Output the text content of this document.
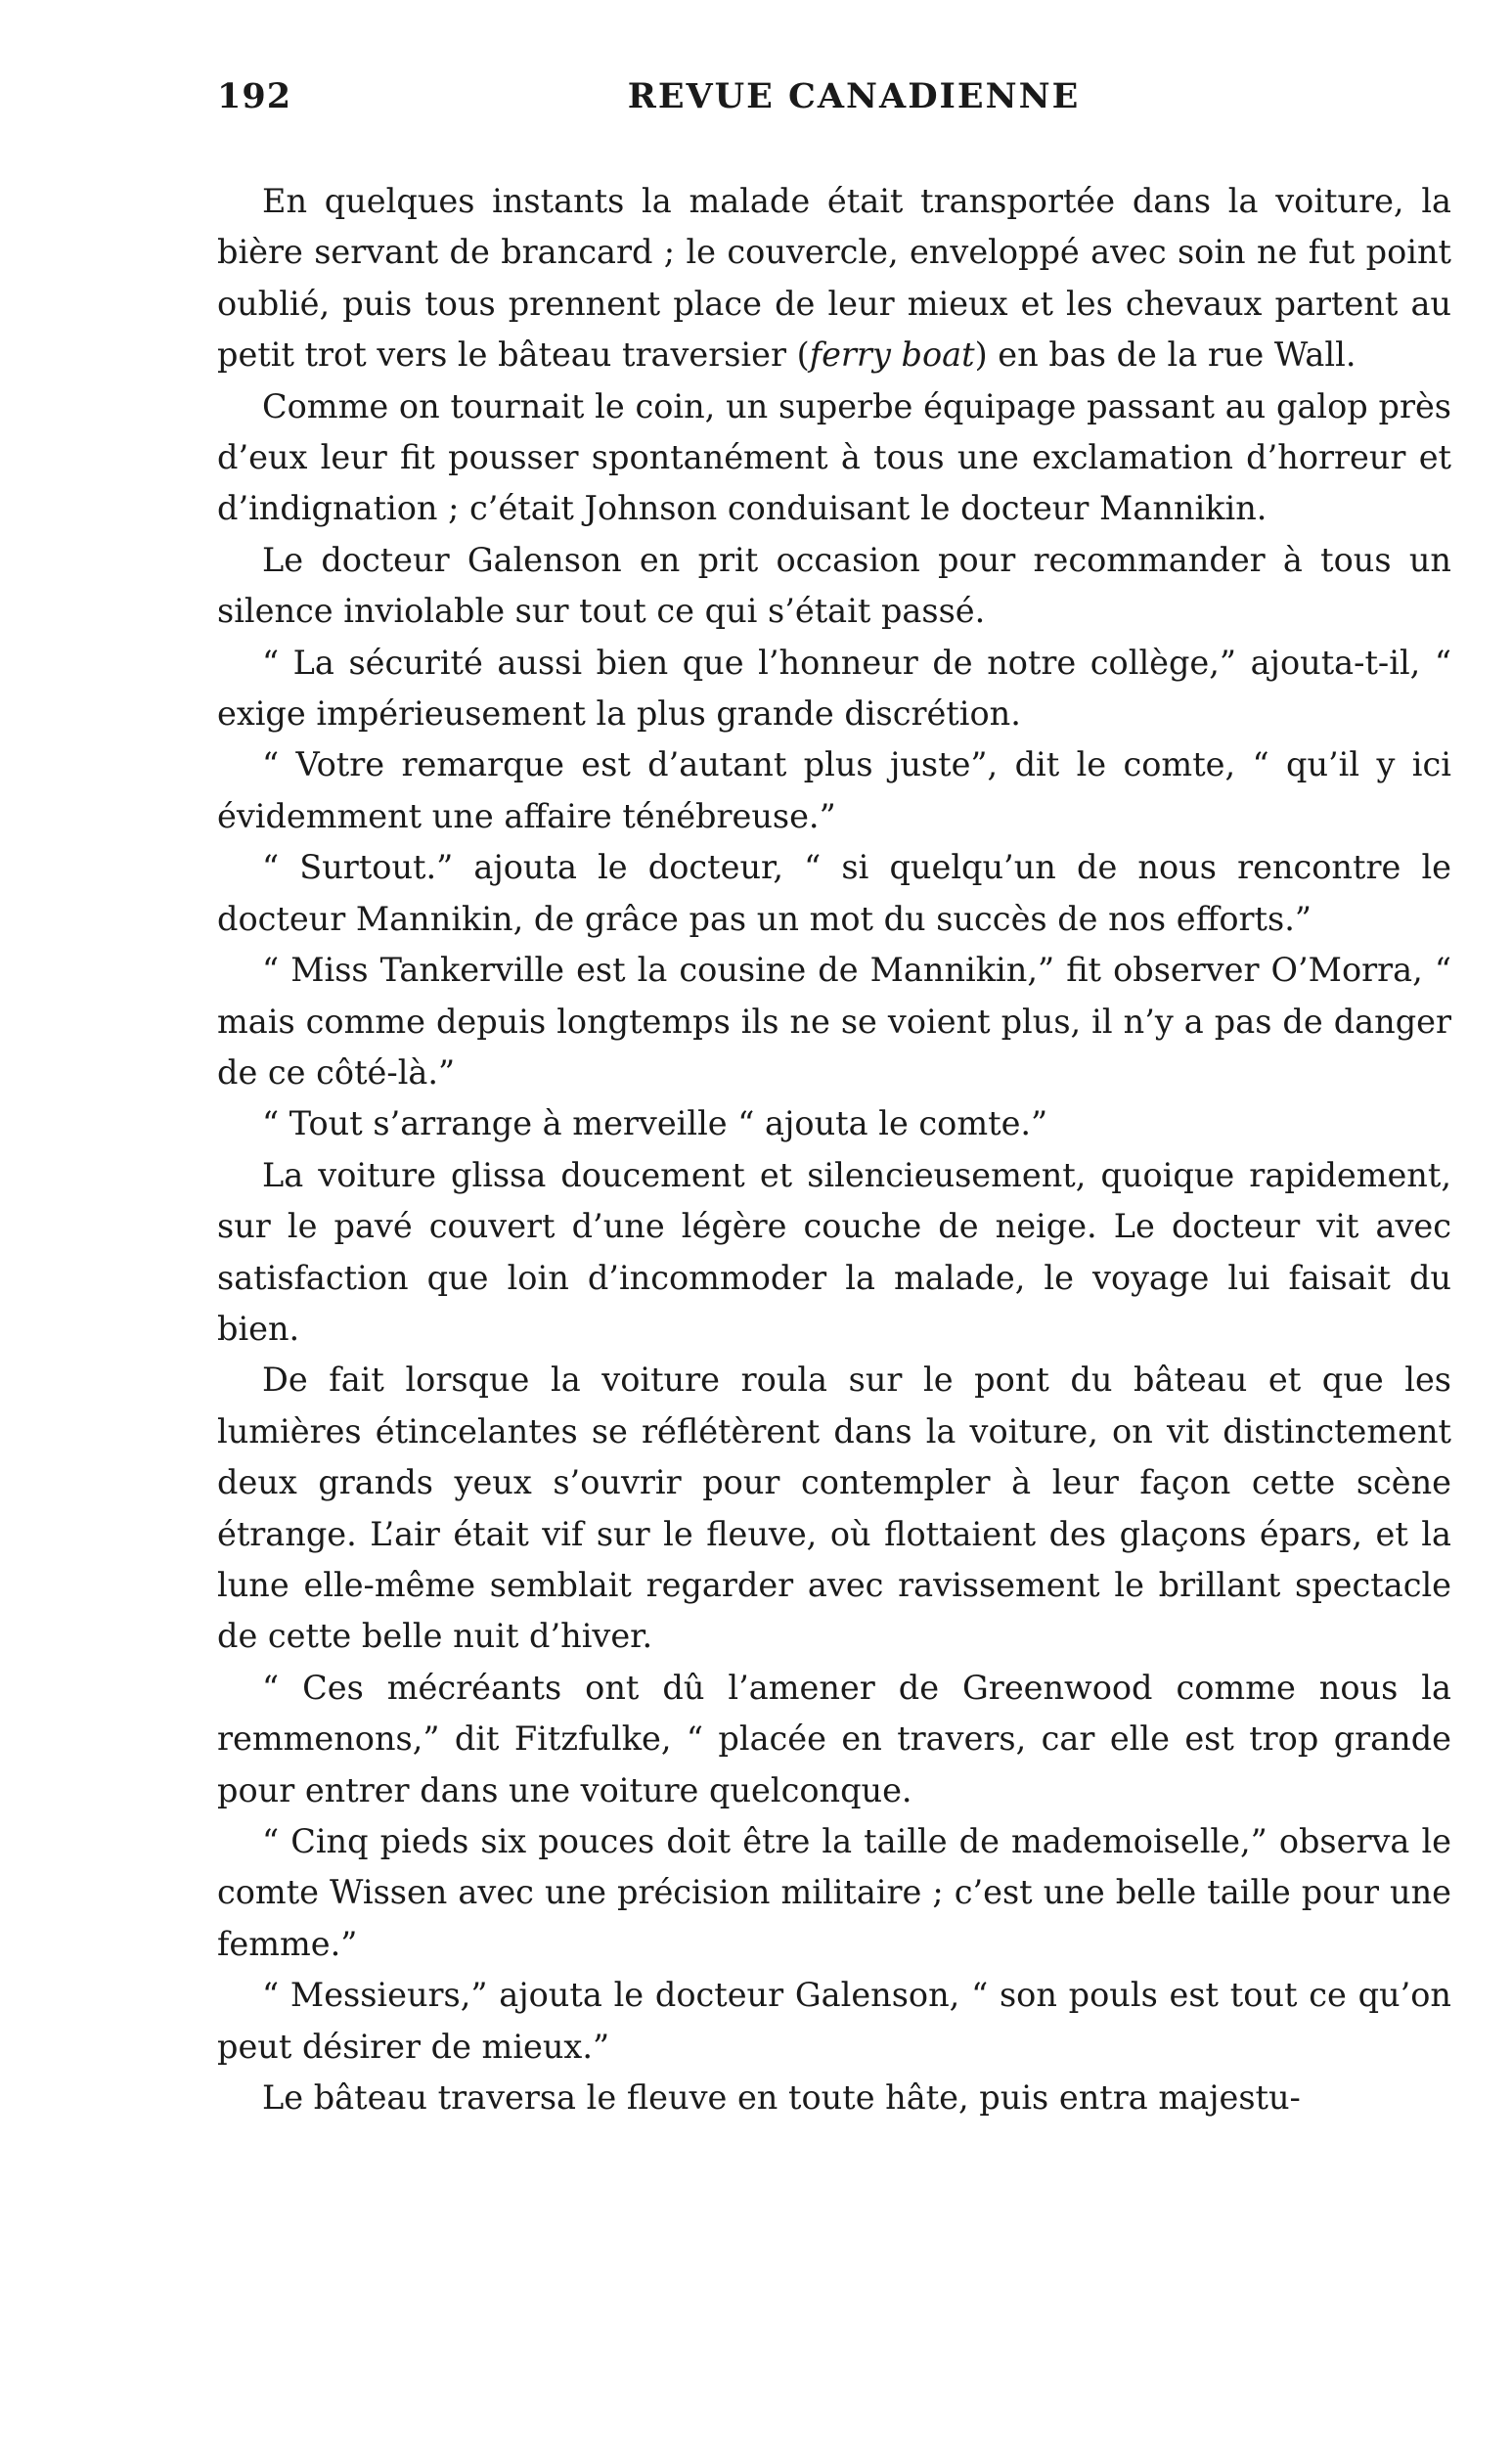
192	REVUE CANADIENNE

En quelques instants la malade était transportée dans la voiture, la bière servant de brancard ; le couvercle, enveloppé avec soin ne fut point oublié, puis tous prennent place de leur mieux et les chevaux partent au petit trot vers le bâteau traversier (ferry boat) en bas de la rue Wall.

Comme on tournait le coin, un superbe équipage passant au galop près d’eux leur fit pousser spontanément à tous une exclamation d’horreur et d’indignation ; c’était Johnson conduisant le docteur Mannikin.

Le docteur Galenson en prit occasion pour recommander à tous un silence inviolable sur tout ce qui s’était passé.

“ La sécurité aussi bien que l’honneur de notre collège,” ajouta-t-il, “ exige impérieusement la plus grande discrétion.

“ Votre remarque est d’autant plus juste”, dit le comte, “ qu’il y ici évidemment une affaire ténébreuse.”

“ Surtout.” ajouta le docteur, “ si quelqu’un de nous rencontre le docteur Mannikin, de grâce pas un mot du succès de nos efforts.”

“ Miss Tankerville est la cousine de Mannikin,” fit observer O’Morra, “ mais comme depuis longtemps ils ne se voient plus, il n’y a pas de danger de ce côté-là.”

“ Tout s’arrange à merveille “ ajouta le comte.”

La voiture glissa doucement et silencieusement, quoique rapidement, sur le pavé couvert d’une légère couche de neige. Le docteur vit avec satisfaction que loin d’incommoder la malade, le voyage lui faisait du bien.

De fait lorsque la voiture roula sur le pont du bâteau et que les lumières étincelantes se réflétèrent dans la voiture, on vit distinctement deux grands yeux s’ouvrir pour contempler à leur façon cette scène étrange. L’air était vif sur le fleuve, où flottaient des glaçons épars, et la lune elle-même semblait regarder avec ravissement le brillant spectacle de cette belle nuit d’hiver.

“ Ces mécréants ont dû l’amener de Greenwood comme nous la remmenons,” dit Fitzfulke, “ placée en travers, car elle est trop grande pour entrer dans une voiture quelconque.

“ Cinq pieds six pouces doit être la taille de mademoiselle,” observa le comte Wissen avec une précision militaire ; c’est une belle taille pour une femme.”

“ Messieurs,” ajouta le docteur Galenson, “ son pouls est tout ce qu’on peut désirer de mieux.”

Le bâteau traversa le fleuve en toute hâte, puis entra majestu-
